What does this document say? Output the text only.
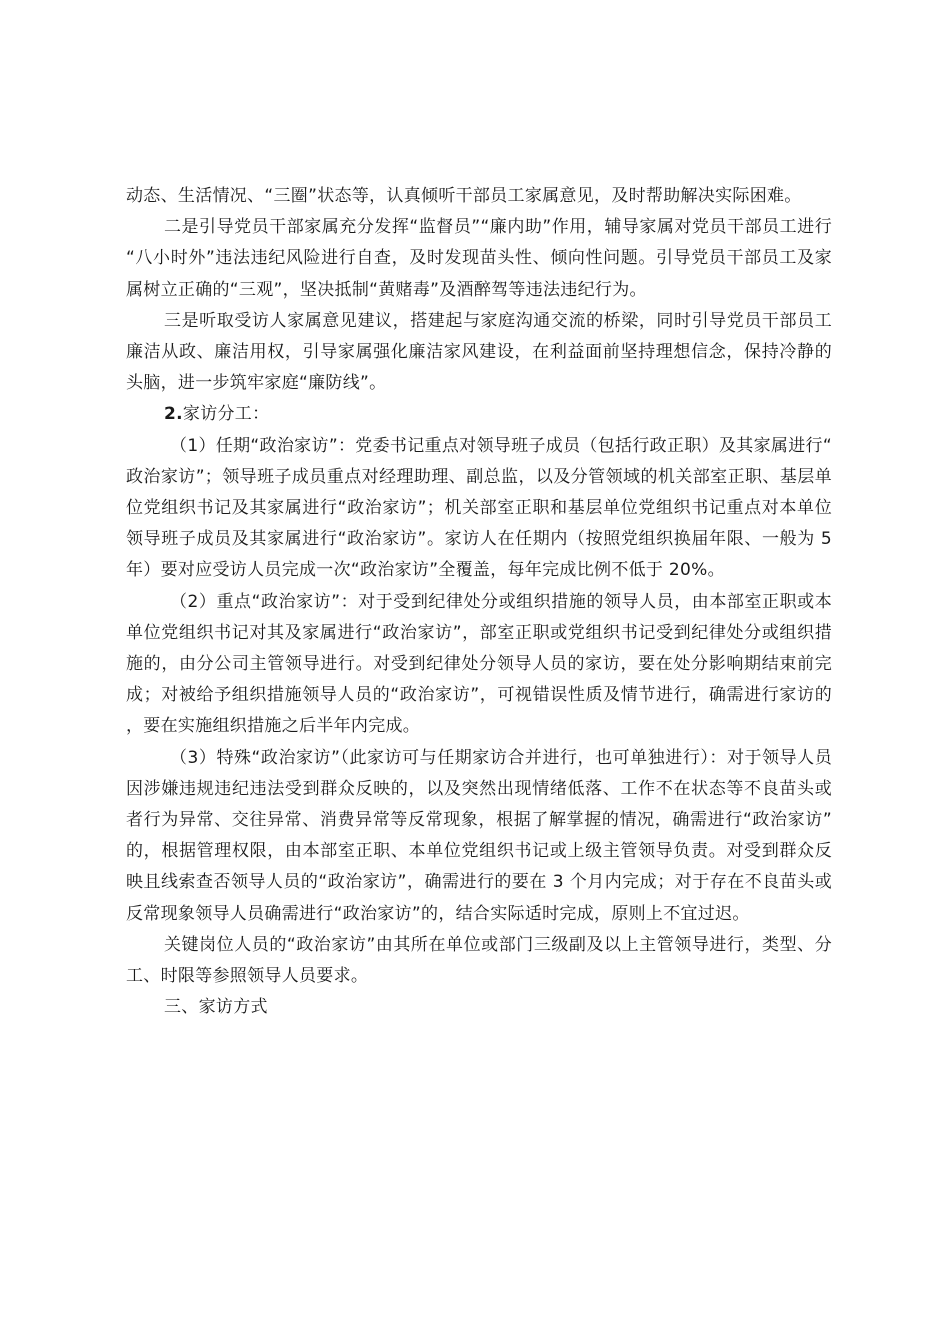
动态、生活情况、“三圈”状态等，认真倾听干部员工家属意见，及时帮助解决实际困难。

二是引导党员干部家属充分发挥“监督员”“廉内助”作用，辅导家属对党员干部员工进行“八小时外”违法违纪风险进行自查，及时发现苗头性、倾向性问题。引导党员干部员工及家属树立正确的“三观”，坚决抵制“黄赌毒”及酒醉驾等违法违纪行为。

三是听取受访人家属意见建议，搭建起与家庭沟通交流的桥梁，同时引导党员干部员工廉洁从政、廉洁用权，引导家属强化廉洁家风建设，在利益面前坚持理想信念，保持冷静的头脑，进一步筑牢家庭“廉防线”。

2.家访分工：

（1）任期“政治家访”：党委书记重点对领导班子成员（包括行政正职）及其家属进行“政治家访”；领导班子成员重点对经理助理、副总监，以及分管领域的机关部室正职、基层单位党组织书记及其家属进行“政治家访”；机关部室正职和基层单位党组织书记重点对本单位领导班子成员及其家属进行“政治家访”。家访人在任期内（按照党组织换届年限、一般为 5 年）要对应受访人员完成一次“政治家访”全覆盖，每年完成比例不低于 20%。

（2）重点“政治家访”：对于受到纪律处分或组织措施的领导人员，由本部室正职或本单位党组织书记对其及家属进行“政治家访”，部室正职或党组织书记受到纪律处分或组织措施的，由分公司主管领导进行。对受到纪律处分领导人员的家访，要在处分影响期结束前完成；对被给予组织措施领导人员的“政治家访”，可视错误性质及情节进行，确需进行家访的，要在实施组织措施之后半年内完成。

（3）特殊“政治家访”（此家访可与任期家访合并进行，也可单独进行）：对于领导人员因涉嫌违规违纪违法受到群众反映的，以及突然出现情绪低落、工作不在状态等不良苗头或者行为异常、交往异常、消费异常等反常现象，根据了解掌握的情况，确需进行“政治家访”的，根据管理权限，由本部室正职、本单位党组织书记或上级主管领导负责。对受到群众反映且线索查否领导人员的“政治家访”，确需进行的要在 3 个月内完成；对于存在不良苗头或反常现象领导人员确需进行“政治家访”的，结合实际适时完成，原则上不宜过迟。

关键岗位人员的“政治家访”由其所在单位或部门三级副及以上主管领导进行，类型、分工、时限等参照领导人员要求。

三、家访方式
